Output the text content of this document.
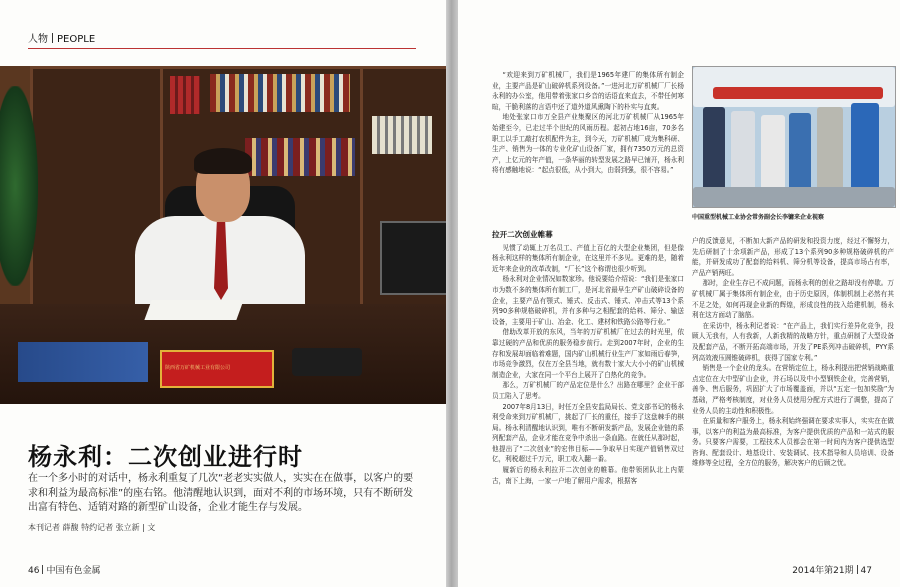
人物 PEOPLE
陕西省万矿机械工业有限公司
杨永利：二次创业进行时
在一个多小时的对话中，杨永利重复了几次“老老实实做人，实实在在做事，以客户的要求和利益为最高标准”的座右铭。他清醒地认识到，面对不利的市场环境，只有不断研发出富有特色、适销对路的新型矿山设备，企业才能生存与发展。
本刊记者 薛馥 特约记者 张立新 | 文
46 中国有色金属

“欢迎来到万矿机械厂，我们是1965年建厂的集体所有制企业，主要产品是矿山破碎机系列设备。”一进河北万矿机械厂厂长杨永利的办公室，他用带着张家口乡音的话语直来直去，不带任何寒暄，干脆利落的言语中还了道外道风熏陶下的朴实与直爽。

地处张家口市万全县产业集聚区的河北万矿机械厂从1965年始建至今，已走过半个世纪的风雨历程。起初占地16亩，70多名职工以手工敲打农机配件为主，到今天，万矿机械厂成为集科研、生产、销售为一体的专业化矿山设备厂家，拥有7350万元的总资产，上亿元的年产值，一条华丽的转型发展之路早已铺开，杨永利将有感触地说：“起点很低，从小到大，由弱到强，很不容易。”

中国重型机械工业协会常务副会长李镛来企业视察
拉开二次创业帷幕

见惯了动辄上万名员工、产值上百亿的大型企业集团，但是像杨永利这样的集体所有制企业，在这里并不多见。更难的是，随着近年来企业的改革改制，“厂长”这个称谓也很少听到。

杨永利对企业情况如数家珍。他说要给介绍说：“我们是张家口市为数不多的集体所有制工厂，是河北省最早生产矿山破碎设备的企业，主要产品有颚式、锤式、反击式、锤式、冲击式等13个系列90多种规格破碎机，并有多种与之相配套的给料、筛分、输送设备，主要用于矿山、冶金、化工、建材和铁路公路等行业。”

借助改革开放的东风，当年的万矿机械厂在过去的时光里，依靠过硬的产品和优质的服务稳步前行。走到2007年时，企业的生存和发展却面临着难题，国内矿山机械行业生产厂家如雨后春笋，市场竞争激烈，仅在万全县当地，就有数十家大大小小的矿山机械制造企业，大家在同一个平台上展开了白热化的竞争。

那么，万矿机械厂的产品定位是什么？出路在哪里？企业干部员工陷入了思考。

2007年8月13日，时任万全县安监局局长、党支部书记的杨永利受命来到万矿机械厂，挑起了厂长的重任，接手了这盘棘手的棋局。杨永利清醒地认识到，唯有不断研发新产品，发展企业链的系列配套产品，企业才能在竞争中杀出一条血路。在就任从那时起，他提出了“二次创业”的宏伟目标——争取早日实现产值销售双过亿，利税超过千万元，职工收入翻一番。

履新后的杨永利拉开二次创业的帷幕。他带领团队北上内蒙古，南下上海，一家一户地了解用户需求，根据客

户的反馈意见，不断加大新产品的研发和投资力度，经过不懈努力，先后研制了十余项新产品，形成了13个系列90多种规格破碎机的产能，并研发成功了配套的给料机、筛分机等设备，提高市场占有率，产品产销两旺。

那时，企业生存已不成问题，而杨永利的创业之路却没有停歇。万矿机械厂属于集体所有制企业，由于历史原因，体制机制上必然有其不足之处，如何再现企业新的辉煌，形成良性的技入给建机制，杨永利在这方面动了脑筋。

在采访中，杨永利记者说：“在产品上，我们实行差异化竞争，投顾人无我有，人有我新，人新我精的战略方针，重点研制了大型设备及配套产品，不断开拓高端市场，开发了PE系列冲击破碎机，PYY系列高效液压圆锥破碎机，获得了国家专利。”

销售是一个企业的龙头。在营销定位上，杨永利提出把营销战略重点定位在大中型矿山企业，并石场以及中小型钢铁企业，完善营销，善争、售后服务，巩固扩大了市场覆盖面，并以“五定一包加奖励”为基础，严格考核制度，对业务人员使用分配方式进行了调整，提高了业务人员的主动性和积极性。

在质量和客户服务上，杨永利始终强调在要求实事人，实实在在做事，以客户的利益为最高标准，为客户提供优质的产品和一站式的服务。只要客户需要，工程技术人员都会在第一时间内为客户提供选型咨询、配套设计、地基设计、安装调试、技术指导和人员培训、设备维修等全过程，全方位的服务，解决客户的后顾之忧。

2014年第21期 47
